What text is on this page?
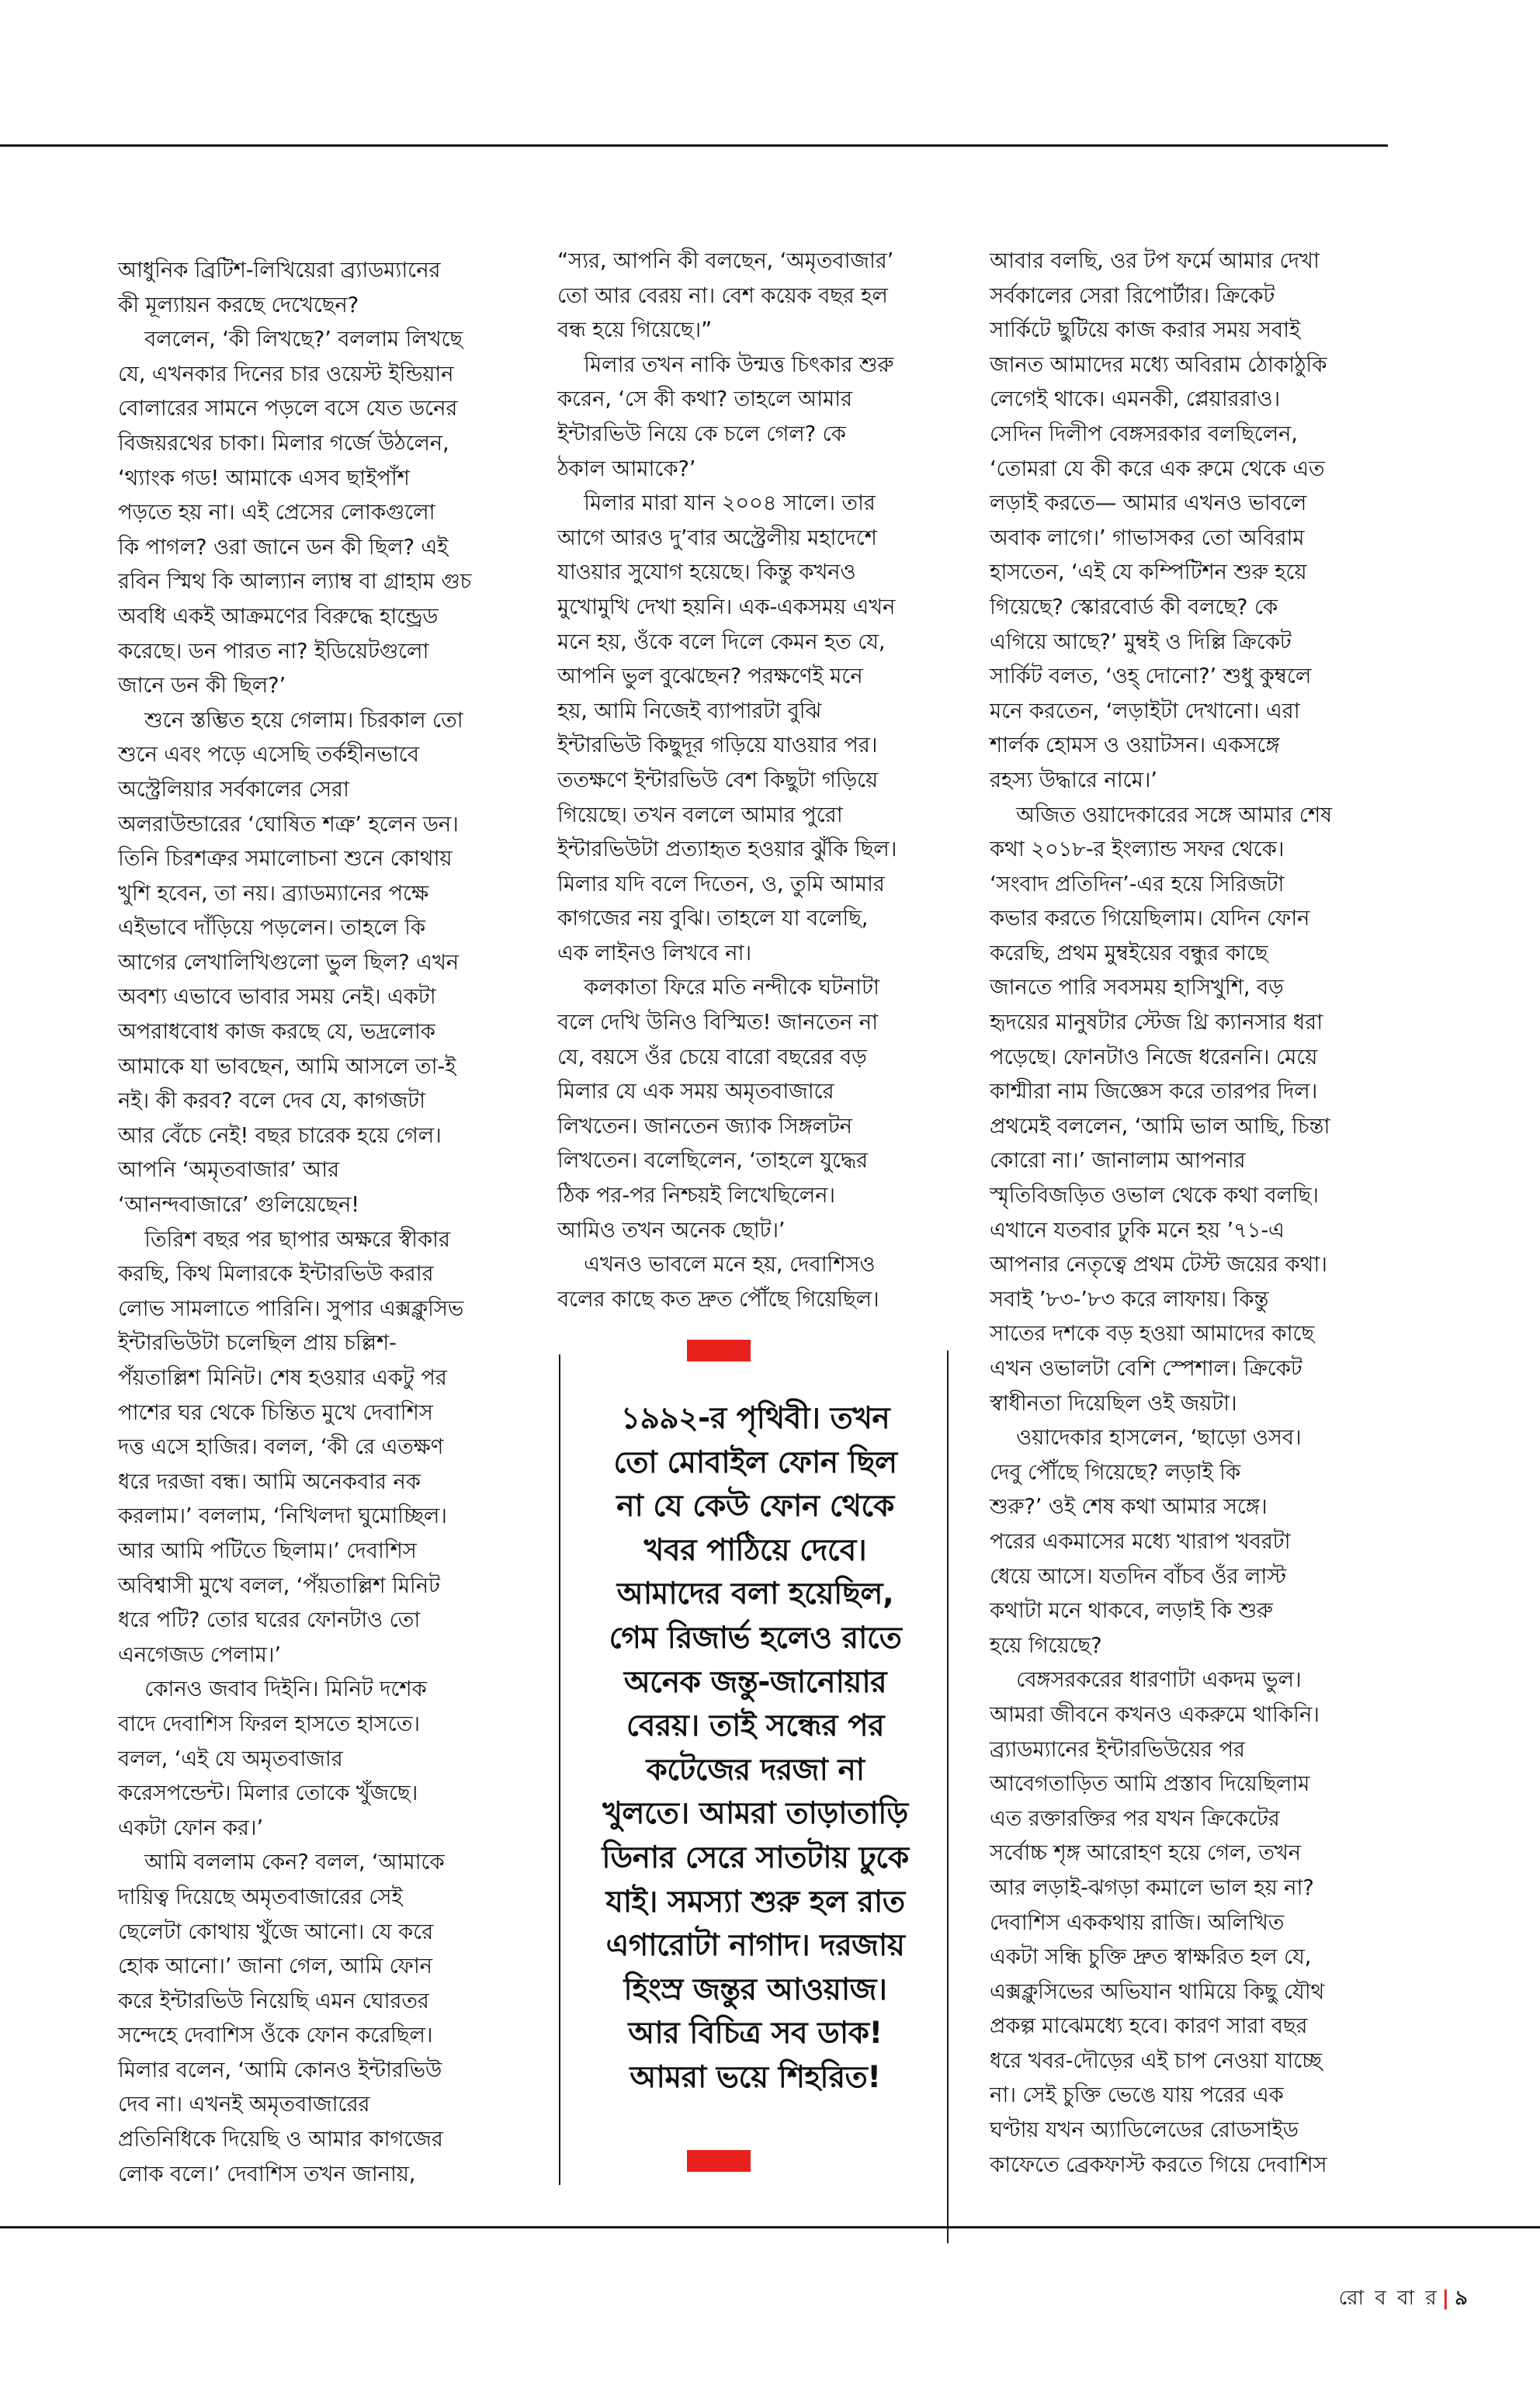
আধুনিক ব্রিটিশ-লিখিয়েরা ব্র্যাডম্যানের
কী মূল্যায়ন করছে দেখেছেন?
বললেন, ‘কী লিখছে?’ বললাম লিখছে
যে, এখনকার দিনের চার ওয়েস্ট ইন্ডিয়ান
বোলারের সামনে পড়লে বসে যেত ডনের
বিজয়রথের চাকা। মিলার গর্জে উঠলেন,
‘থ্যাংক গড! আমাকে এসব ছাইপাঁশ
পড়তে হয় না। এই প্রেসের লোকগুলো
কি পাগল? ওরা জানে ডন কী ছিল? এই
রবিন স্মিথ কি আল্যান ল্যাম্ব বা গ্রাহাম গুচ
অবধি একই আক্রমণের বিরুদ্ধে হান্ড্রেড
করেছে। ডন পারত না? ইডিয়েটগুলো
জানে ডন কী ছিল?’
শুনে স্তম্ভিত হয়ে গেলাম। চিরকাল তো
শুনে এবং পড়ে এসেছি তর্কহীনভাবে
অস্ট্রেলিয়ার সর্বকালের সেরা
অলরাউন্ডারের ‘ঘোষিত শত্রু’ হলেন ডন।
তিনি চিরশত্রুর সমালোচনা শুনে কোথায়
খুশি হবেন, তা নয়। ব্র্যাডম্যানের পক্ষে
এইভাবে দাঁড়িয়ে পড়লেন। তাহলে কি
আগের লেখালিখিগুলো ভুল ছিল? এখন
অবশ্য এভাবে ভাবার সময় নেই। একটা
অপরাধবোধ কাজ করছে যে, ভদ্রলোক
আমাকে যা ভাবছেন, আমি আসলে তা-ই
নই। কী করব? বলে দেব যে, কাগজটা
আর বেঁচে নেই! বছর চারেক হয়ে গেল।
আপনি ‘অমৃতবাজার’ আর
‘আনন্দবাজারে’ গুলিয়েছেন!
তিরিশ বছর পর ছাপার অক্ষরে স্বীকার
করছি, কিথ মিলারকে ইন্টারভিউ করার
লোভ সামলাতে পারিনি। সুপার এক্সক্লুসিভ
ইন্টারভিউটা চলেছিল প্রায় চল্লিশ-
পঁয়তাল্লিশ মিনিট। শেষ হওয়ার একটু পর
পাশের ঘর থেকে চিন্তিত মুখে দেবাশিস
দত্ত এসে হাজির। বলল, ‘কী রে এতক্ষণ
ধরে দরজা বন্ধ। আমি অনেকবার নক
করলাম।’ বললাম, ‘নিখিলদা ঘুমোচ্ছিল।
আর আমি পটিতে ছিলাম।’ দেবাশিস
অবিশ্বাসী মুখে বলল, ‘পঁয়তাল্লিশ মিনিট
ধরে পটি? তোর ঘরের ফোনটাও তো
এনগেজড পেলাম।’
কোনও জবাব দিইনি। মিনিট দশেক
বাদে দেবাশিস ফিরল হাসতে হাসতে।
বলল, ‘এই যে অমৃতবাজার
করেসপন্ডেন্ট। মিলার তোকে খুঁজছে।
একটা ফোন কর।’
আমি বললাম কেন? বলল, ‘আমাকে
দায়িত্ব দিয়েছে অমৃতবাজারের সেই
ছেলেটা কোথায় খুঁজে আনো। যে করে
হোক আনো।’ জানা গেল, আমি ফোন
করে ইন্টারভিউ নিয়েছি এমন ঘোরতর
সন্দেহে দেবাশিস ওঁকে ফোন করেছিল।
মিলার বলেন, ‘আমি কোনও ইন্টারভিউ
দেব না। এখনই অমৃতবাজারের
প্রতিনিধিকে দিয়েছি ও আমার কাগজের
লোক বলে।’ দেবাশিস তখন জানায়,
“স্যর, আপনি কী বলছেন, ‘অমৃতবাজার’
তো আর বেরয় না। বেশ কয়েক বছর হল
বন্ধ হয়ে গিয়েছে।”
মিলার তখন নাকি উন্মত্ত চিৎকার শুরু
করেন, ‘সে কী কথা? তাহলে আমার
ইন্টারভিউ নিয়ে কে চলে গেল? কে
ঠকাল আমাকে?’
মিলার মারা যান ২০০৪ সালে। তার
আগে আরও দু’বার অস্ট্রেলীয় মহাদেশে
যাওয়ার সুযোগ হয়েছে। কিন্তু কখনও
মুখোমুখি দেখা হয়নি। এক-একসময় এখন
মনে হয়, ওঁকে বলে দিলে কেমন হত যে,
আপনি ভুল বুঝেছেন? পরক্ষণেই মনে
হয়, আমি নিজেই ব্যাপারটা বুঝি
ইন্টারভিউ কিছুদূর গড়িয়ে যাওয়ার পর।
ততক্ষণে ইন্টারভিউ বেশ কিছুটা গড়িয়ে
গিয়েছে। তখন বললে আমার পুরো
ইন্টারভিউটা প্রত্যাহৃত হওয়ার ঝুঁকি ছিল।
মিলার যদি বলে দিতেন, ও, তুমি আমার
কাগজের নয় বুঝি। তাহলে যা বলেছি,
এক লাইনও লিখবে না।
কলকাতা ফিরে মতি নন্দীকে ঘটনাটা
বলে দেখি উনিও বিস্মিত! জানতেন না
যে, বয়সে ওঁর চেয়ে বারো বছরের বড়
মিলার যে এক সময় অমৃতবাজারে
লিখতেন। জানতেন জ্যাক সিঙ্গলটন
লিখতেন। বলেছিলেন, ‘তাহলে যুদ্ধের
ঠিক পর-পর নিশ্চয়ই লিখেছিলেন।
আমিও তখন অনেক ছোট।’
এখনও ভাবলে মনে হয়, দেবাশিসও
বলের কাছে কত দ্রুত পৌঁছে গিয়েছিল।
১৯৯২-র পৃথিবী। তখন
তো মোবাইল ফোন ছিল
না যে কেউ ফোন থেকে
খবর পাঠিয়ে দেবে।
আমাদের বলা হয়েছিল,
গেম রিজার্ভ হলেও রাতে
অনেক জন্তু-জানোয়ার
বেরয়। তাই সন্ধের পর
কটেজের দরজা না
খুলতে। আমরা তাড়াতাড়ি
ডিনার সেরে সাতটায় ঢুকে
যাই। সমস্যা শুরু হল রাত
এগারোটা নাগাদ। দরজায়
হিংস্র জন্তুর আওয়াজ।
আর বিচিত্র সব ডাক!
আমরা ভয়ে শিহরিত!
আবার বলছি, ওর টপ ফর্মে আমার দেখা
সর্বকালের সেরা রিপোর্টার। ক্রিকেট
সার্কিটে ছুটিয়ে কাজ করার সময় সবাই
জানত আমাদের মধ্যে অবিরাম ঠোকাঠুকি
লেগেই থাকে। এমনকী, প্লেয়াররাও।
সেদিন দিলীপ বেঙ্গসরকার বলছিলেন,
‘তোমরা যে কী করে এক রুমে থেকে এত
লড়াই করতে— আমার এখনও ভাবলে
অবাক লাগে।’ গাভাসকর তো অবিরাম
হাসতেন, ‘এই যে কম্পিটিশন শুরু হয়ে
গিয়েছে? স্কোরবোর্ড কী বলছে? কে
এগিয়ে আছে?’ মুম্বই ও দিল্লি ক্রিকেট
সার্কিট বলত, ‘ওহ্‌ দোনো?’ শুধু কুম্বলে
মনে করতেন, ‘লড়াইটা দেখানো। এরা
শার্লক হোমস ও ওয়াটসন। একসঙ্গে
রহস্য উদ্ধারে নামে।’
অজিত ওয়াদেকারের সঙ্গে আমার শেষ
কথা ২০১৮-র ইংল্যান্ড সফর থেকে।
‘সংবাদ প্রতিদিন’-এর হয়ে সিরিজটা
কভার করতে গিয়েছিলাম। যেদিন ফোন
করেছি, প্রথম মুম্বইয়ের বন্ধুর কাছে
জানতে পারি সবসময় হাসিখুশি, বড়
হৃদয়ের মানুষটার স্টেজ থ্রি ক্যানসার ধরা
পড়েছে। ফোনটাও নিজে ধরেননি। মেয়ে
কাশ্মীরা নাম জিজ্ঞেস করে তারপর দিল।
প্রথমেই বললেন, ‘আমি ভাল আছি, চিন্তা
কোরো না।’ জানালাম আপনার
স্মৃতিবিজড়িত ওভাল থেকে কথা বলছি।
এখানে যতবার ঢুকি মনে হয় ’৭১-এ
আপনার নেতৃত্বে প্রথম টেস্ট জয়ের কথা।
সবাই ’৮৩-’৮৩ করে লাফায়। কিন্তু
সাতের দশকে বড় হওয়া আমাদের কাছে
এখন ওভালটা বেশি স্পেশাল। ক্রিকেট
স্বাধীনতা দিয়েছিল ওই জয়টা।
ওয়াদেকার হাসলেন, ‘ছাড়ো ওসব।
দেবু পৌঁছে গিয়েছে? লড়াই কি
শুরু?’ ওই শেষ কথা আমার সঙ্গে।
পরের একমাসের মধ্যে খারাপ খবরটা
ধেয়ে আসে। যতদিন বাঁচব ওঁর লাস্ট
কথাটা মনে থাকবে, লড়াই কি শুরু
হয়ে গিয়েছে?
বেঙ্গসরকরের ধারণাটা একদম ভুল।
আমরা জীবনে কখনও একরুমে থাকিনি।
ব্র্যাডম্যানের ইন্টারভিউয়ের পর
আবেগতাড়িত আমি প্রস্তাব দিয়েছিলাম
এত রক্তারক্তির পর যখন ক্রিকেটের
সর্বোচ্চ শৃঙ্গ আরোহণ হয়ে গেল, তখন
আর লড়াই-ঝগড়া কমালে ভাল হয় না?
দেবাশিস এককথায় রাজি। অলিখিত
একটা সন্ধি চুক্তি দ্রুত স্বাক্ষরিত হল যে,
এক্সক্লুসিভের অভিযান থামিয়ে কিছু যৌথ
প্রকল্প মাঝেমধ্যে হবে। কারণ সারা বছর
ধরে খবর-দৌড়ের এই চাপ নেওয়া যাচ্ছে
না। সেই চুক্তি ভেঙে যায় পরের এক
ঘণ্টায় যখন অ্যাডিলেডের রোডসাইড
কাফেতে ব্রেকফাস্ট করতে গিয়ে দেবাশিস
রো ব বা র | ৯
